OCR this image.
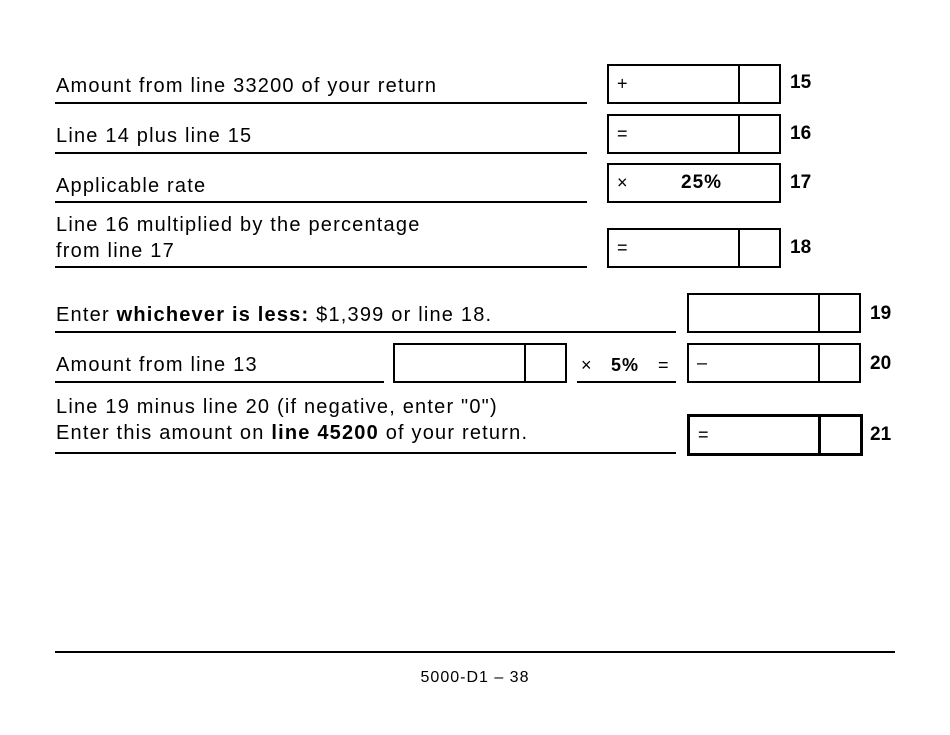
Amount from line 33200 of your return	+	15
Line 14 plus line 15	=	16
Applicable rate	×	25%	17
Line 16 multiplied by the percentage
from line 17	=	18
Enter whichever is less: $1,399 or line 18.	19
Amount from line 13	× 5% = –	20
Line 19 minus line 20 (if negative, enter "0")
Enter this amount on line 45200 of your return.	=	21
5000-D1 – 38
